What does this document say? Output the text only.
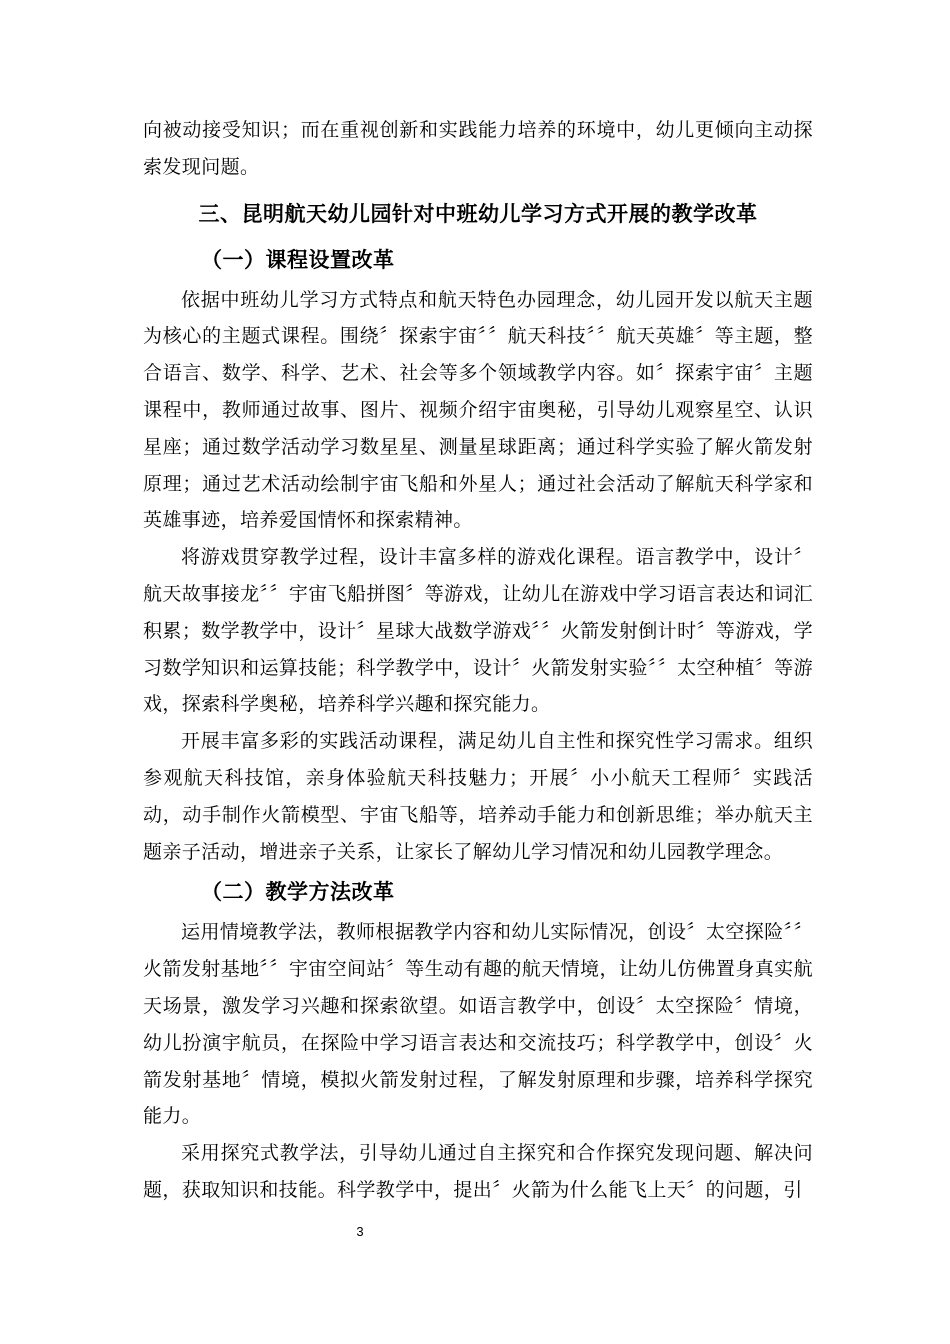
向被动接受知识；而在重视创新和实践能力培养的环境中，幼儿更倾向主动探索发现问题。

三、昆明航天幼儿园针对中班幼儿学习方式开展的教学改革
（一）课程设置改革

依据中班幼儿学习方式特点和航天特色办园理念，幼儿园开发以航天主题为核心的主题式课程。围绕〞探索宇宙〞〞航天科技〞〞航天英雄〞等主题，整合语言、数学、科学、艺术、社会等多个领域教学内容。如〞探索宇宙〞主题课程中，教师通过故事、图片、视频介绍宇宙奥秘，引导幼儿观察星空、认识星座；通过数学活动学习数星星、测量星球距离；通过科学实验了解火箭发射原理；通过艺术活动绘制宇宙飞船和外星人；通过社会活动了解航天科学家和英雄事迹，培养爱国情怀和探索精神。

将游戏贯穿教学过程，设计丰富多样的游戏化课程。语言教学中，设计〞航天故事接龙〞〞宇宙飞船拼图〞等游戏，让幼儿在游戏中学习语言表达和词汇积累；数学教学中，设计〞星球大战数学游戏〞〞火箭发射倒计时〞等游戏，学习数学知识和运算技能；科学教学中，设计〞火箭发射实验〞〞太空种植〞等游戏，探索科学奥秘，培养科学兴趣和探究能力。

开展丰富多彩的实践活动课程，满足幼儿自主性和探究性学习需求。组织参观航天科技馆，亲身体验航天科技魅力；开展〞小小航天工程师〞实践活动，动手制作火箭模型、宇宙飞船等，培养动手能力和创新思维；举办航天主题亲子活动，增进亲子关系，让家长了解幼儿学习情况和幼儿园教学理念。

（二）教学方法改革

运用情境教学法，教师根据教学内容和幼儿实际情况，创设〞太空探险〞〞火箭发射基地〞〞宇宙空间站〞等生动有趣的航天情境，让幼儿仿佛置身真实航天场景，激发学习兴趣和探索欲望。如语言教学中，创设〞太空探险〞情境，幼儿扮演宇航员，在探险中学习语言表达和交流技巧；科学教学中，创设〞火箭发射基地〞情境，模拟火箭发射过程，了解发射原理和步骤，培养科学探究能力。

采用探究式教学法，引导幼儿通过自主探究和合作探究发现问题、解决问题，获取知识和技能。科学教学中，提出〞火箭为什么能飞上天〞的问题，引

3
